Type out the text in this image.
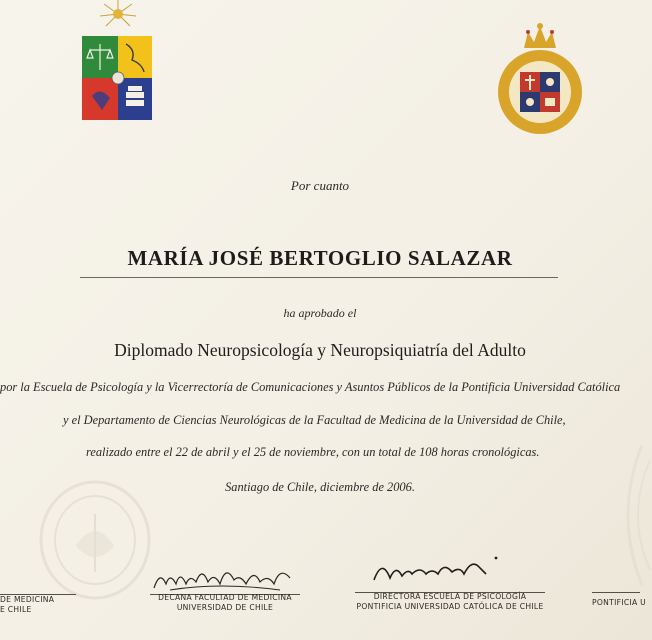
Por cuanto
MARÍA JOSÉ BERTOGLIO SALAZAR
ha aprobado el
Diplomado Neuropsicología y Neuropsiquiatría del Adulto
por la Escuela de Psicología y la Vicerrectoría de Comunicaciones y Asuntos Públicos de la Pontificia Universidad Católica
y el Departamento de Ciencias Neurológicas de la Facultad de Medicina de la Universidad de Chile,
realizado entre el 22 de abril y el 25 de noviembre, con un total de 108 horas cronológicas.
Santiago de Chile, diciembre de 2006.
DE MEDICINA
E CHILE
DECANA FACULTAD DE MEDICINA
UNIVERSIDAD DE CHILE
DIRECTORA ESCUELA DE PSICOLOGÍA
PONTIFICIA UNIVERSIDAD CATÓLICA DE CHILE	PONTIFICIA U
